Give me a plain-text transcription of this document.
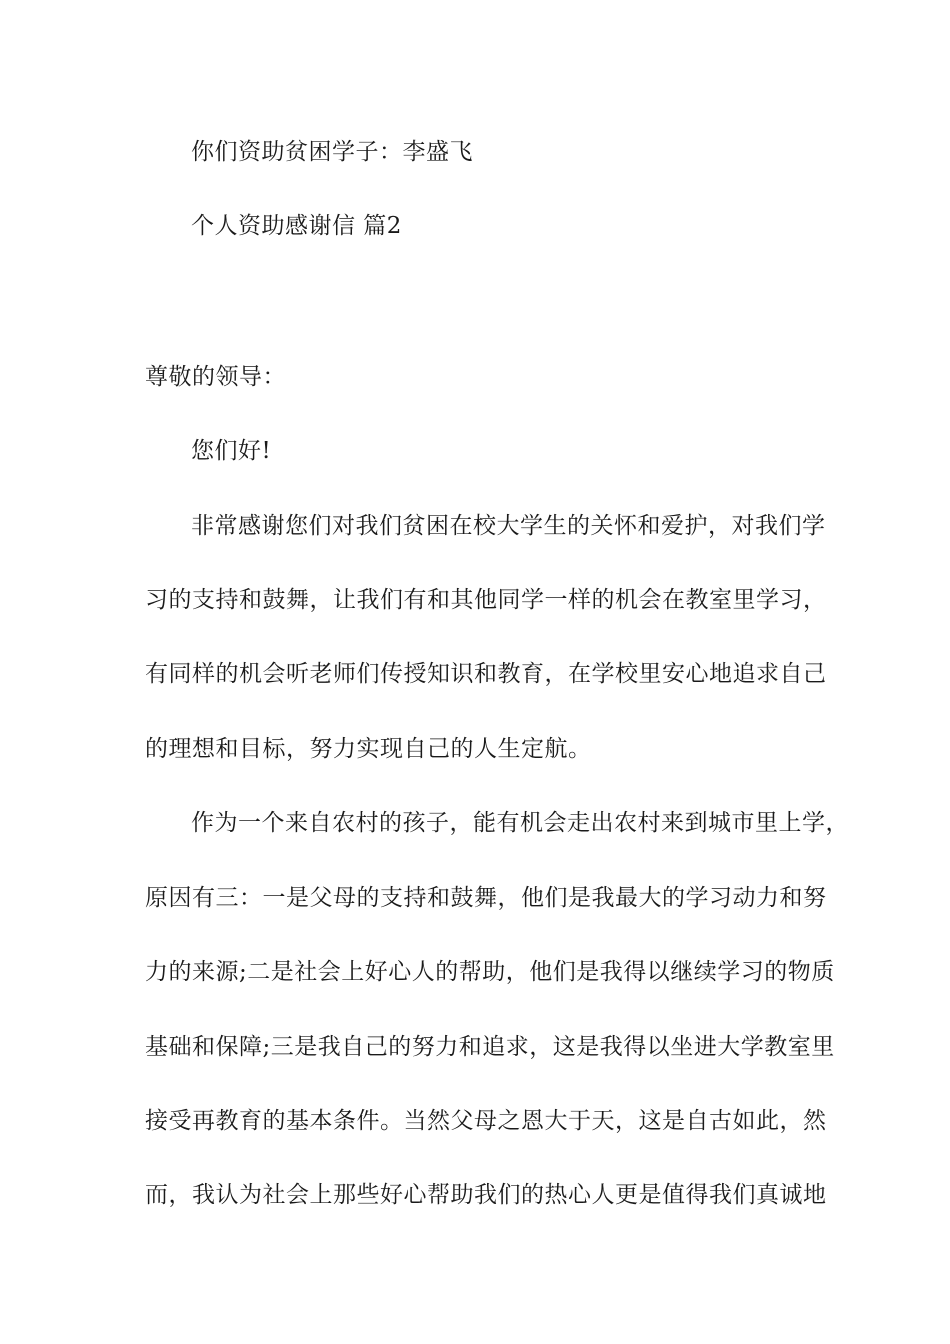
你们资助贫困学子：李盛飞
个人资助感谢信 篇2
尊敬的领导：
您们好!
非常感谢您们对我们贫困在校大学生的关怀和爱护，对我们学
习的支持和鼓舞，让我们有和其他同学一样的机会在教室里学习，
有同样的机会听老师们传授知识和教育，在学校里安心地追求自己
的理想和目标，努力实现自己的人生定航。
作为一个来自农村的孩子，能有机会走出农村来到城市里上学，
原因有三：一是父母的支持和鼓舞，他们是我最大的学习动力和努
力的来源;二是社会上好心人的帮助，他们是我得以继续学习的物质
基础和保障;三是我自己的努力和追求，这是我得以坐进大学教室里
接受再教育的基本条件。当然父母之恩大于天，这是自古如此，然
而，我认为社会上那些好心帮助我们的热心人更是值得我们真诚地
